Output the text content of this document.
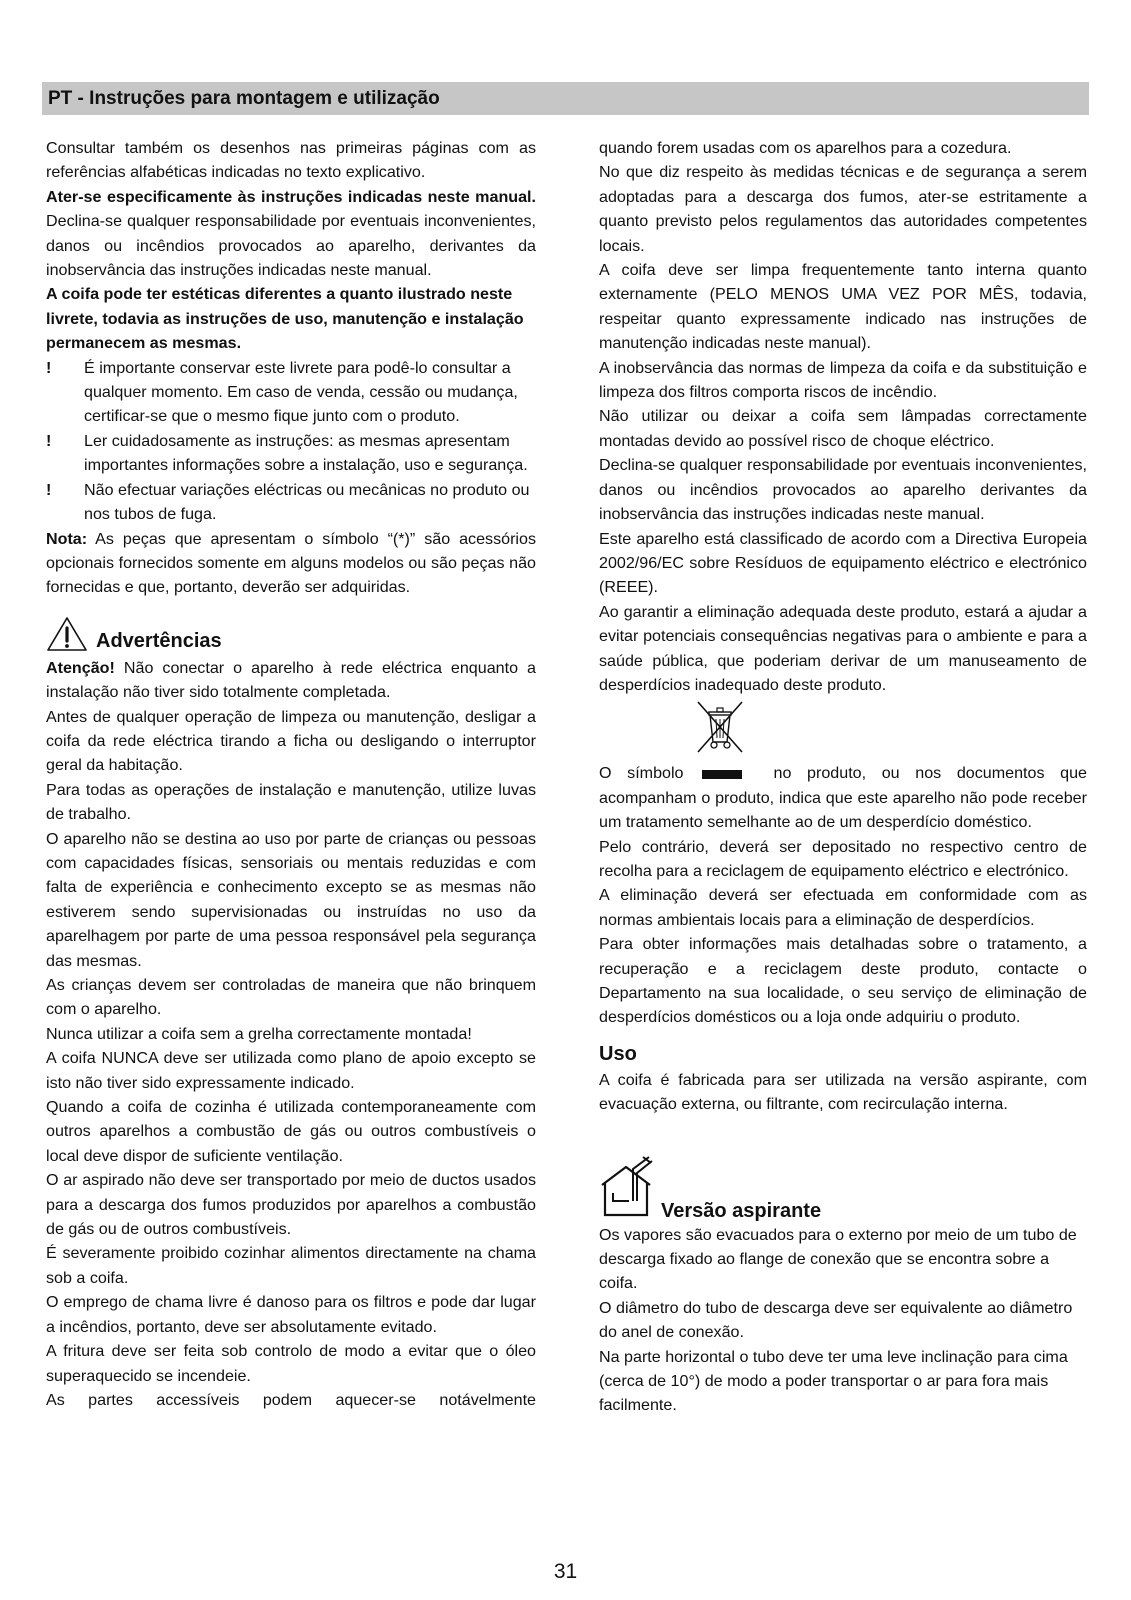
PT - Instruções para montagem e utilização

Consultar também os desenhos nas primeiras páginas com as referências alfabéticas indicadas no texto explicativo.

Ater-se especificamente às instruções indicadas neste manual. Declina-se qualquer responsabilidade por eventuais inconvenientes, danos ou incêndios provocados ao aparelho, derivantes da inobservância das instruções indicadas neste manual.

A coifa pode ter estéticas diferentes a quanto ilustrado neste livrete, todavia as instruções de uso, manutenção e instalação permanecem as mesmas.

! É importante conservar este livrete para podê-lo consultar a qualquer momento. Em caso de venda, cessão ou mudança, certificar-se que o mesmo fique junto com o produto.

! Ler cuidadosamente as instruções: as mesmas apresentam importantes informações sobre a instalação, uso e segurança.

! Não efectuar variações eléctricas ou mecânicas no produto ou nos tubos de fuga.

Nota: As peças que apresentam o símbolo “(*)” são acessórios opcionais fornecidos somente em alguns modelos ou são peças não fornecidas e que, portanto, deverão ser adquiridas.

Advertências

Atenção! Não conectar o aparelho à rede eléctrica enquanto a instalação não tiver sido totalmente completada.

Antes de qualquer operação de limpeza ou manutenção, desligar a coifa da rede eléctrica tirando a ficha ou desligando o interruptor geral da habitação.

Para todas as operações de instalação e manutenção, utilize luvas de trabalho.

O aparelho não se destina ao uso por parte de crianças ou pessoas com capacidades físicas, sensoriais ou mentais reduzidas e com falta de experiência e conhecimento excepto se as mesmas não estiverem sendo supervisionadas ou instruídas no uso da aparelhagem por parte de uma pessoa responsável pela segurança das mesmas.

As crianças devem ser controladas de maneira que não brinquem com o aparelho.

Nunca utilizar a coifa sem a grelha correctamente montada!

A coifa NUNCA deve ser utilizada como plano de apoio excepto se isto não tiver sido expressamente indicado.

Quando a coifa de cozinha é utilizada contemporaneamente com outros aparelhos a combustão de gás ou outros combustíveis o local deve dispor de suficiente ventilação.

O ar aspirado não deve ser transportado por meio de ductos usados para a descarga dos fumos produzidos por aparelhos a combustão de gás ou de outros combustíveis.

É severamente proibido cozinhar alimentos directamente na chama sob a coifa.

O emprego de chama livre é danoso para os filtros e pode dar lugar a incêndios, portanto, deve ser absolutamente evitado.

A fritura deve ser feita sob controlo de modo a evitar que o óleo superaquecido se incendeie.

As partes accessíveis podem aquecer-se notávelmente

quando forem usadas com os aparelhos para a cozedura.

No que diz respeito às medidas técnicas e de segurança a serem adoptadas para a descarga dos fumos, ater-se estritamente a quanto previsto pelos regulamentos das autoridades competentes locais.

A coifa deve ser limpa frequentemente tanto interna quanto externamente (PELO MENOS UMA VEZ POR MÊS, todavia, respeitar quanto expressamente indicado nas instruções de manutenção indicadas neste manual).

A inobservância das normas de limpeza da coifa e da substituição e limpeza dos filtros comporta riscos de incêndio.

Não utilizar ou deixar a coifa sem lâmpadas correctamente montadas devido ao possível risco de choque eléctrico.

Declina-se qualquer responsabilidade por eventuais inconvenientes, danos ou incêndios provocados ao aparelho derivantes da inobservância das instruções indicadas neste manual.

Este aparelho está classificado de acordo com a Directiva Europeia 2002/96/EC sobre Resíduos de equipamento eléctrico e electrónico (REEE).

Ao garantir a eliminação adequada deste produto, estará a ajudar a evitar potenciais consequências negativas para o ambiente e para a saúde pública, que poderiam derivar de um manuseamento de desperdícios inadequado deste produto.

O símbolo	no produto, ou nos documentos que acompanham o produto, indica que este aparelho não pode receber um tratamento semelhante ao de um desperdício doméstico.

Pelo contrário, deverá ser depositado no respectivo centro de recolha para a reciclagem de equipamento eléctrico e electrónico.

A eliminação deverá ser efectuada em conformidade com as normas ambientais locais para a eliminação de desperdícios.

Para obter informações mais detalhadas sobre o tratamento, a recuperação e a reciclagem deste produto, contacte o Departamento na sua localidade, o seu serviço de eliminação de desperdícios domésticos ou a loja onde adquiriu o produto.

Uso

A coifa é fabricada para ser utilizada na versão aspirante, com evacuação externa, ou filtrante, com recirculação interna.

Versão aspirante

Os vapores são evacuados para o externo por meio de um tubo de descarga fixado ao flange de conexão que se encontra sobre a coifa.

O diâmetro do tubo de descarga deve ser equivalente ao diâmetro do anel de conexão.

Na parte horizontal o tubo deve ter uma leve inclinação para cima (cerca de 10°) de modo a poder transportar o ar para fora mais facilmente.

31
